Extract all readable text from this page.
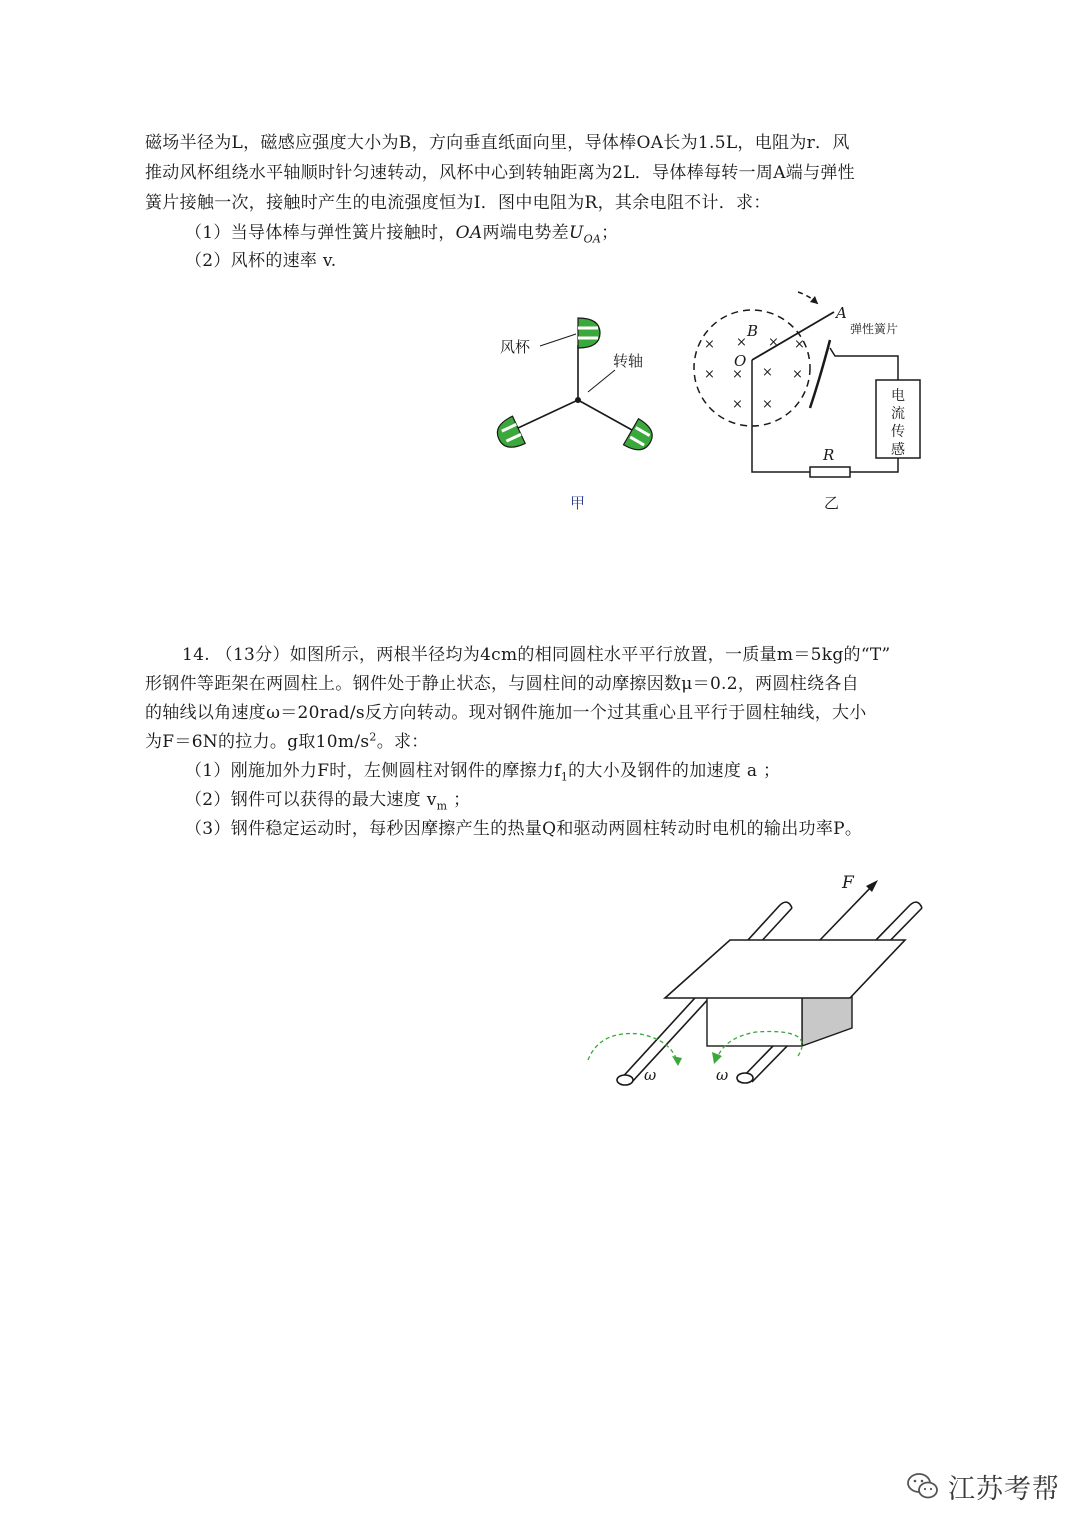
磁场半径为L，磁感应强度大小为B，方向垂直纸面向里，导体棒OA长为1.5L，电阻为r．风
推动风杯组绕水平轴顺时针匀速转动，风杯中心到转轴距离为2L．导体棒每转一周A端与弹性
簧片接触一次，接触时产生的电流强度恒为I．图中电阻为R，其余电阻不计．求：
（1）当导体棒与弹性簧片接触时，OA两端电势差$U_{OA}$；
（2）风杯的速率 v.
风杯
转轴
甲
× × × ×
× × × ×
× ×
电
流
传
感
A
B
O
弹性簧片
R
乙
14. （13分）如图所示，两根半径均为4cm的相同圆柱水平平行放置，一质量m＝5kg的“T”
形钢件等距架在两圆柱上。钢件处于静止状态，与圆柱间的动摩擦因数μ＝0.2，两圆柱绕各自
的轴线以角速度ω＝20rad/s反方向转动。现对钢件施加一个过其重心且平行于圆柱轴线，大小
为F＝6N的拉力。g取$10m/s^2$。求：
（1）刚施加外力F时，左侧圆柱对钢件的摩擦力$f_1$的大小及钢件的加速度 a ；
（2）钢件可以获得的最大速度 $v_m$ ；
（3）钢件稳定运动时，每秒因摩擦产生的热量Q和驱动两圆柱转动时电机的输出功率P。
F
ω	ω
江苏考帮
